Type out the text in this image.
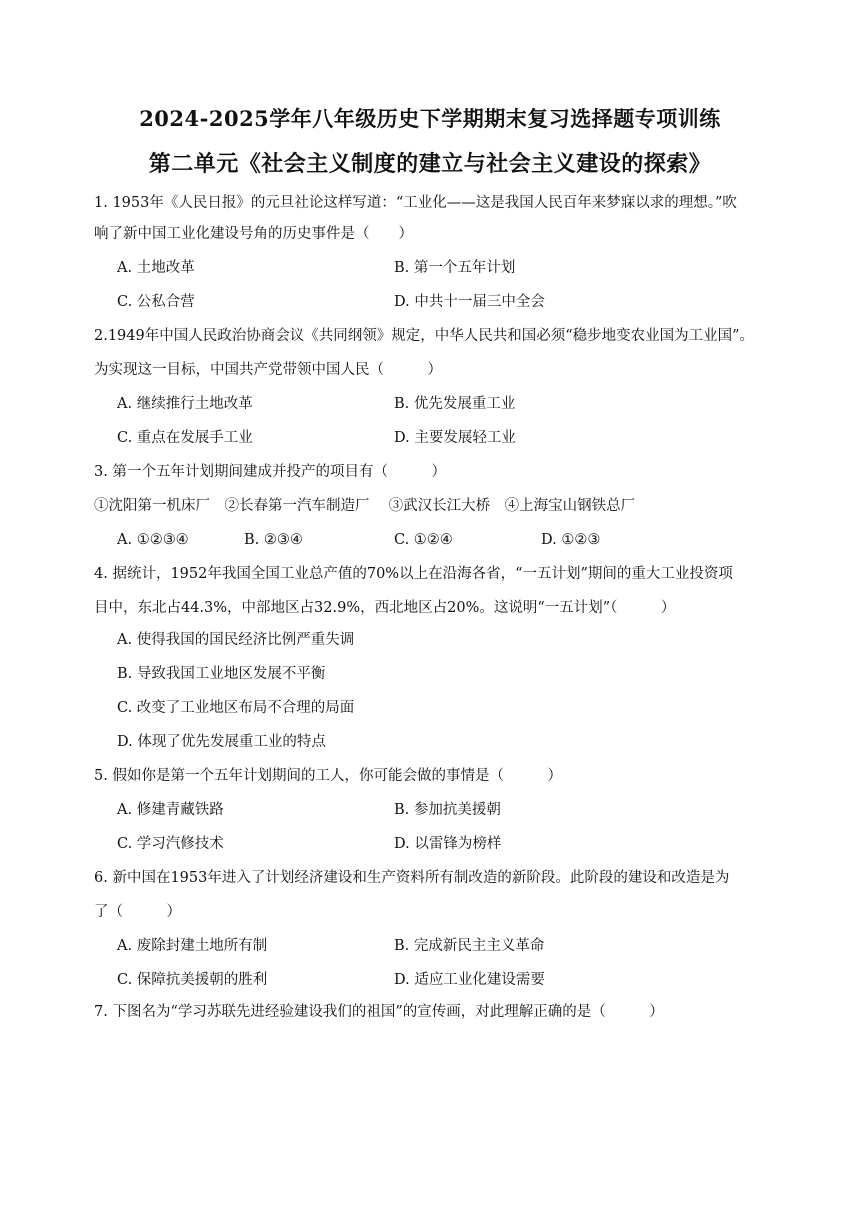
2024-2025学年八年级历史下学期期末复习选择题专项训练
第二单元《社会主义制度的建立与社会主义建设的探索》
1. 1953年《人民日报》的元旦社论这样写道：“工业化——这是我国人民百年来梦寐以求的理想。”吹
响了新中国工业化建设号角的历史事件是（　　）
A. 土地改革	B. 第一个五年计划
C. 公私合营	D. 中共十一届三中全会
2.1949年中国人民政治协商会议《共同纲领》规定，中华人民共和国必须“稳步地变农业国为工业国”。
为实现这一目标，中国共产党带领中国人民（　　　）
A. 继续推行土地改革	B. 优先发展重工业
C. 重点在发展手工业	D. 主要发展轻工业
3. 第一个五年计划期间建成并投产的项目有（　　　）
①沈阳第一机床厂　②长春第一汽车制造厂　 ③武汉长江大桥　④上海宝山钢铁总厂
A. ①②③④	B. ②③④	C. ①②④	D. ①②③
4. 据统计，1952年我国全国工业总产值的70%以上在沿海各省，“一五计划”期间的重大工业投资项
目中，东北占44.3%，中部地区占32.9%，西北地区占20%。这说明“一五计划”（　　　）
A. 使得我国的国民经济比例严重失调
B. 导致我国工业地区发展不平衡
C. 改变了工业地区布局不合理的局面
D. 体现了优先发展重工业的特点
5. 假如你是第一个五年计划期间的工人，你可能会做的事情是（　　　）
A. 修建青藏铁路	B. 参加抗美援朝
C. 学习汽修技术	D. 以雷锋为榜样
6. 新中国在1953年进入了计划经济建设和生产资料所有制改造的新阶段。此阶段的建设和改造是为
了（　　　）
A. 废除封建土地所有制	B. 完成新民主主义革命
C. 保障抗美援朝的胜利	D. 适应工业化建设需要
7. 下图名为“学习苏联先进经验建设我们的祖国”的宣传画，对此理解正确的是（　　　）
